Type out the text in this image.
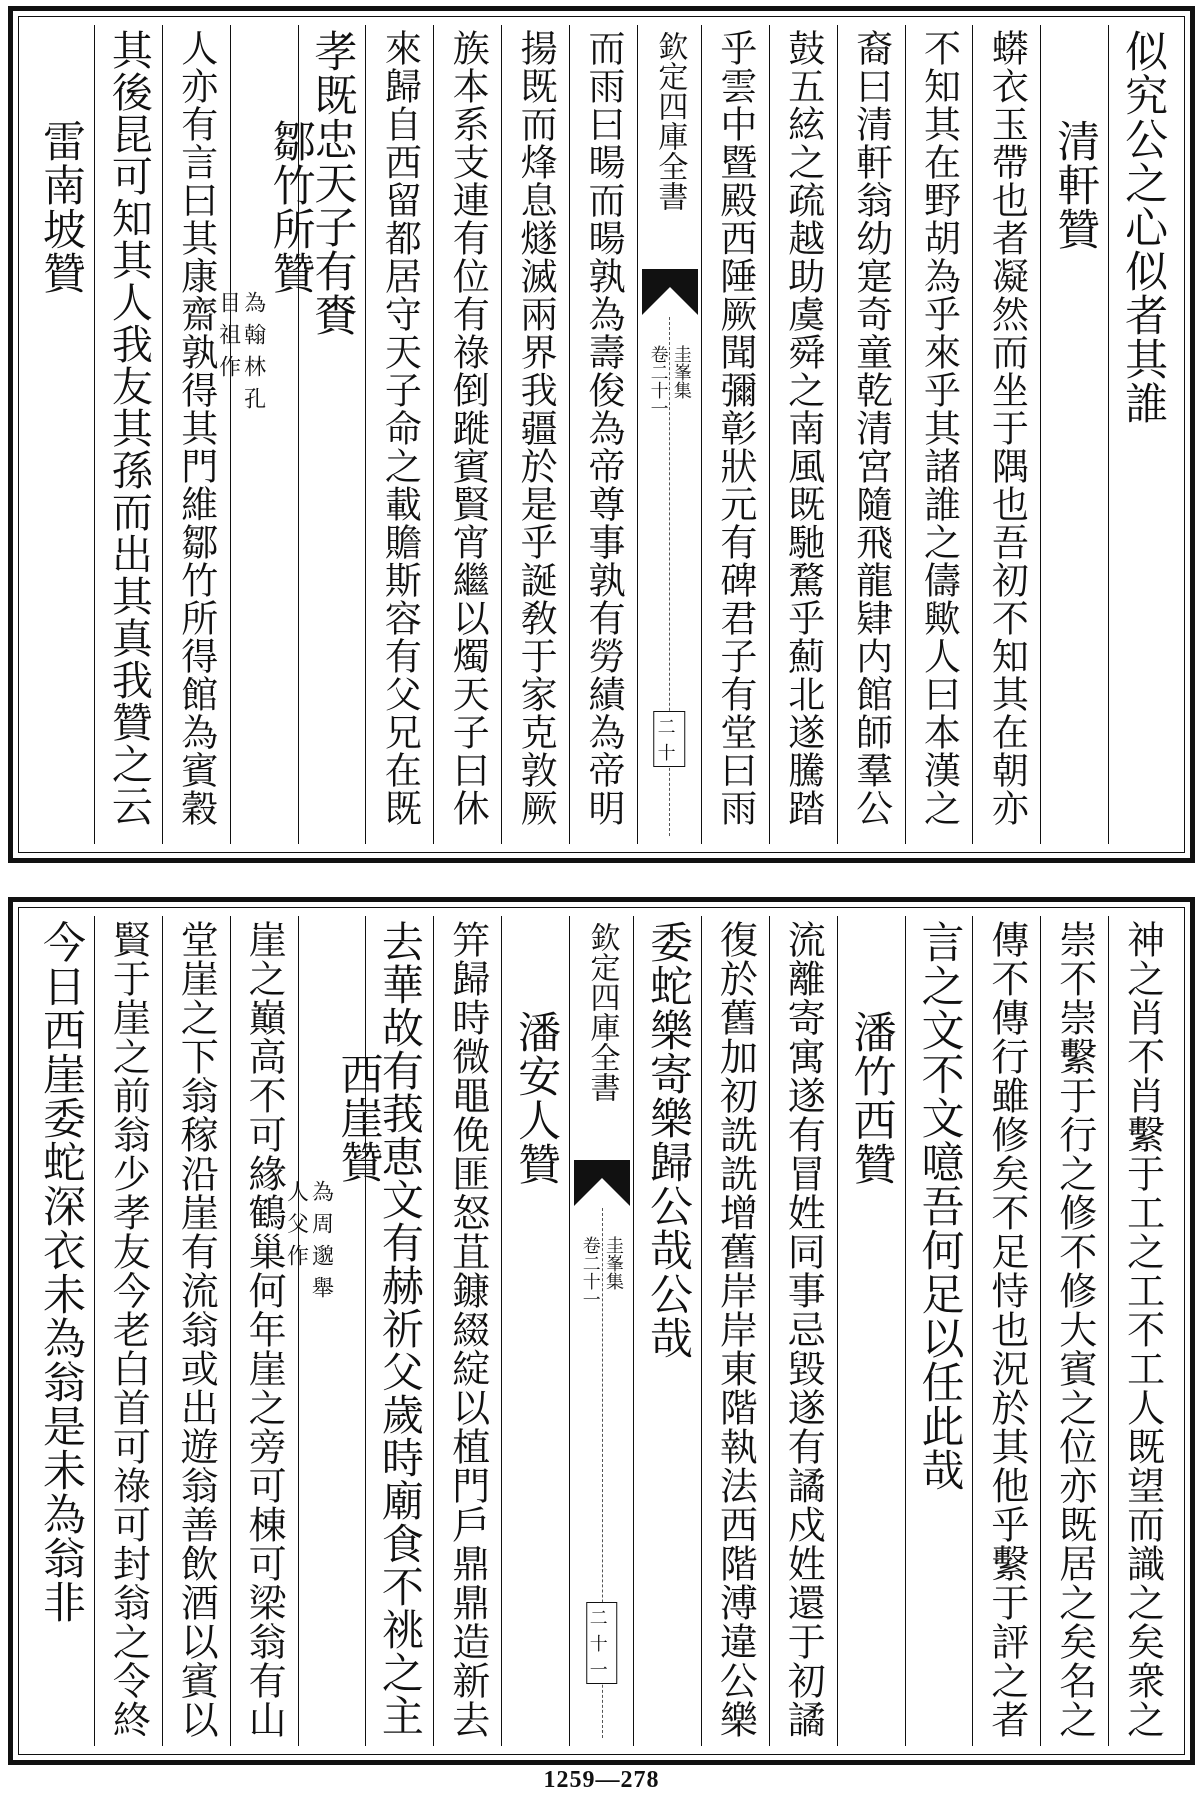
似究公之心似者其誰
清軒贊
蟒衣玉帶也者凝然而坐于隅也吾初不知其在朝亦
不知其在野胡為乎來乎其諸誰之儔歟人曰本漢之
裔曰清軒翁幼寔奇童乾清宮隨飛龍肄内館師羣公
鼓五絃之疏越助虞舜之南風既馳騖乎薊北遂騰踏
乎雲中暨殿西陲厥聞彌彰狀元有碑君子有堂曰雨
欽定四庫全書
圭峯集
卷二十一
二十
而雨曰暘而暘孰為壽俊為帝尊事孰有勞績為帝明
揚既而烽息燧滅兩界我疆於是乎誕敎于家克敦厥
族本系支連有位有祿倒蹝賓賢宵繼以燭天子曰休
來歸自西留都居守天子命之載贍斯容有父兄在既
孝既忠天子有賚
鄒竹所贊
為翰林孔
目祖作
人亦有言曰其康齋孰得其門維鄒竹所得館為賓穀
其後昆可知其人我友其孫而出其真我贊之云
雷南坡贊
神之肖不肖繫于工之工不工人既望而識之矣衆之
崇不崇繫于行之修不修大賓之位亦既居之矣名之
傳不傳行雖修矣不足恃也況於其他乎繫于評之者
言之文不文噫吾何足以任此哉
潘竹西贊
流離寄寓遂有冒姓同事忌毀遂有譎戍姓還于初譎
復於舊加初詵詵增舊岸岸東階執法西階溥違公樂
委蛇樂寄樂歸公哉公哉
欽定四庫全書
圭峯集
卷二十一
二十一
潘安人贊
笄歸時微黽俛匪怒苴鏮綴綻以植門戶鼎鼎造新去
去華故有莪恵文有赫祈父歲時廟食不祧之主
西崖贊
為周邈舉
人父作
崖之巔高不可緣鶴巢何年崖之旁可棟可梁翁有山
堂崖之下翁稼沿崖有流翁或出遊翁善飲酒以賓以
賢于崖之前翁少孝友今老白首可祿可封翁之令終
今日西崖委蛇深衣未為翁是未為翁非
1259—278
